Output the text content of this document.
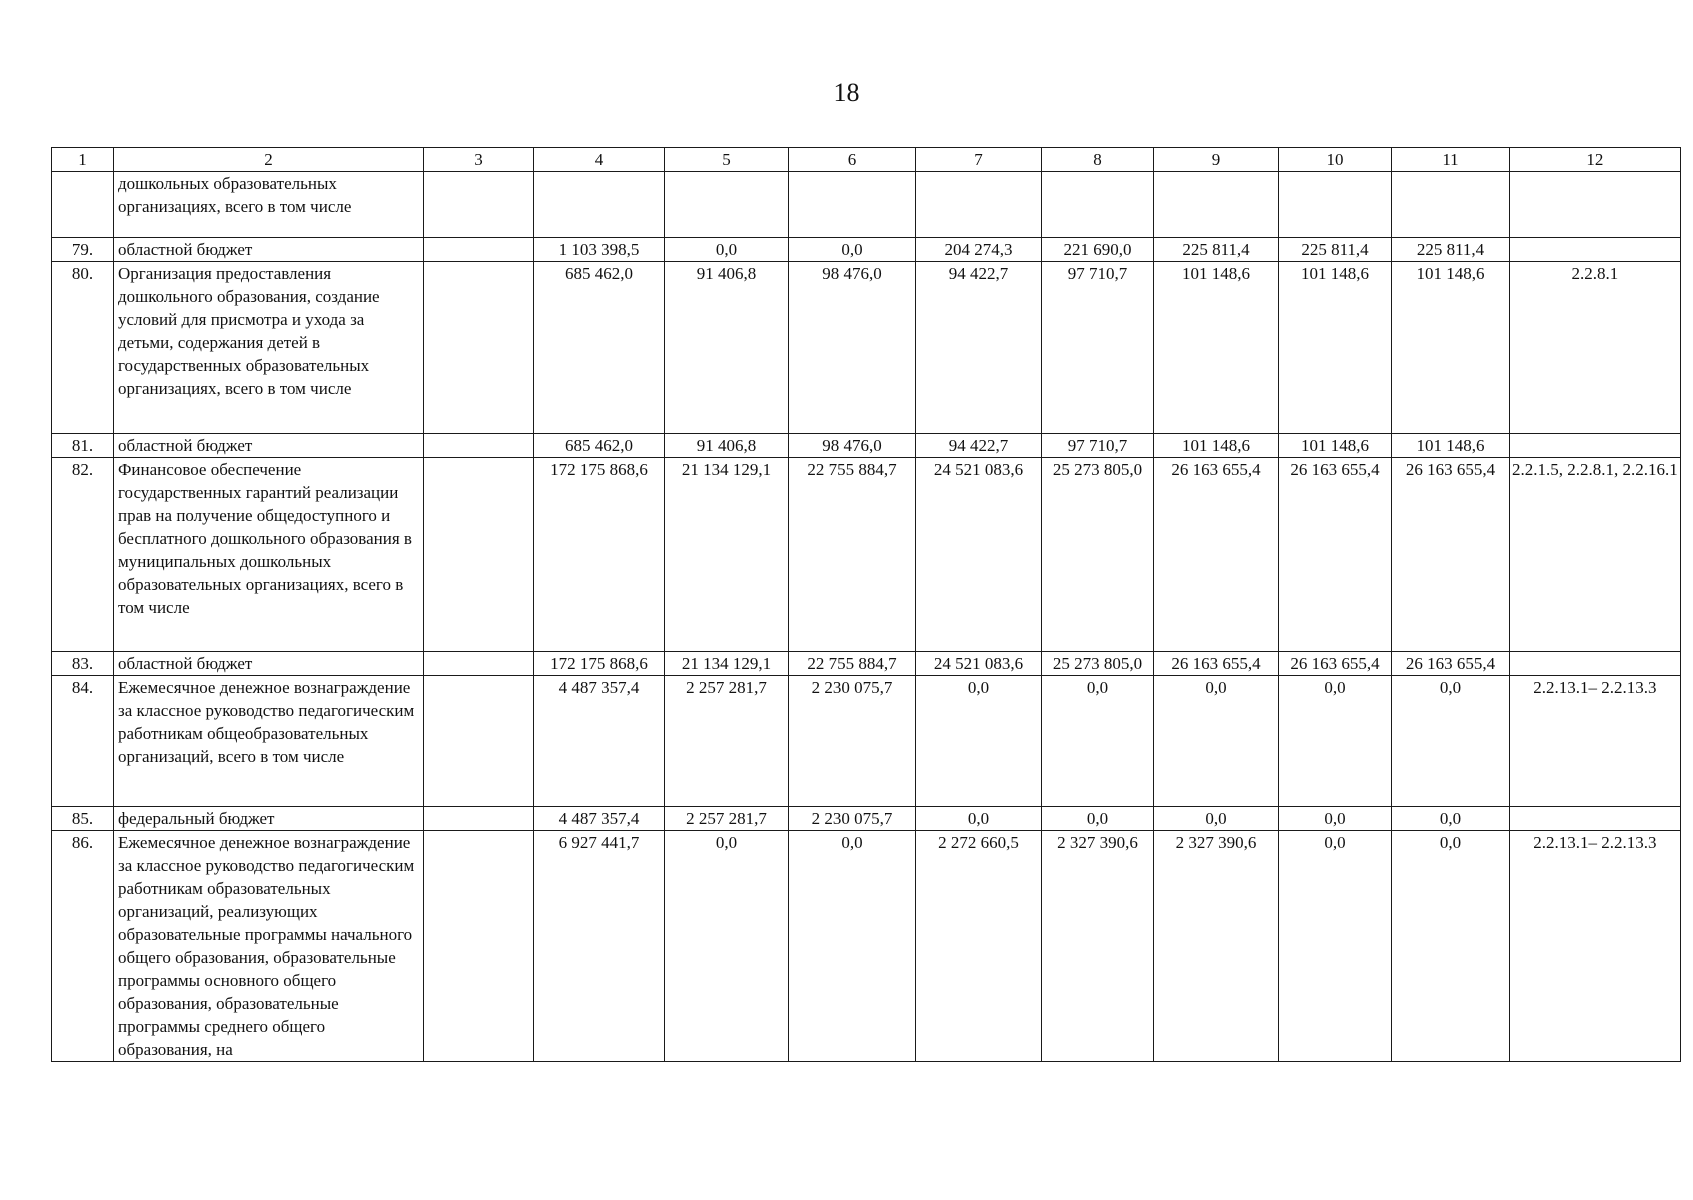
18
1	2	3	4	5	6	7	8	9	10	11	12
	дошкольных образовательных организациях, всего в том числе										
79.	областной бюджет		1 103 398,5	0,0	0,0	204 274,3	221 690,0	225 811,4	225 811,4	225 811,4	
80.	Организация предоставления дошкольного образования, создание условий для присмотра и ухода за детьми, содержания детей в государственных образовательных организациях, всего в том числе		685 462,0	91 406,8	98 476,0	94 422,7	97 710,7	101 148,6	101 148,6	101 148,6	2.2.8.1
81.	областной бюджет		685 462,0	91 406,8	98 476,0	94 422,7	97 710,7	101 148,6	101 148,6	101 148,6	
82.	Финансовое обеспечение государственных гарантий реализации прав на получение общедоступного и бесплатного дошкольного образования в муниципальных дошкольных образовательных организациях, всего в том числе		172 175 868,6	21 134 129,1	22 755 884,7	24 521 083,6	25 273 805,0	26 163 655,4	26 163 655,4	26 163 655,4	2.2.1.5, 2.2.8.1, 2.2.16.1
83.	областной бюджет		172 175 868,6	21 134 129,1	22 755 884,7	24 521 083,6	25 273 805,0	26 163 655,4	26 163 655,4	26 163 655,4	
84.	Ежемесячное денежное вознаграждение за классное руководство педагогическим работникам общеобразовательных организаций, всего в том числе		4 487 357,4	2 257 281,7	2 230 075,7	0,0	0,0	0,0	0,0	0,0	2.2.13.1– 2.2.13.3
85.	федеральный бюджет		4 487 357,4	2 257 281,7	2 230 075,7	0,0	0,0	0,0	0,0	0,0	
86.	Ежемесячное денежное вознаграждение за классное руководство педагогическим работникам образовательных организаций, реализующих образовательные программы начального общего образования, образовательные программы основного общего образования, образовательные программы среднего общего образования, на		6 927 441,7	0,0	0,0	2 272 660,5	2 327 390,6	2 327 390,6	0,0	0,0	2.2.13.1– 2.2.13.3
